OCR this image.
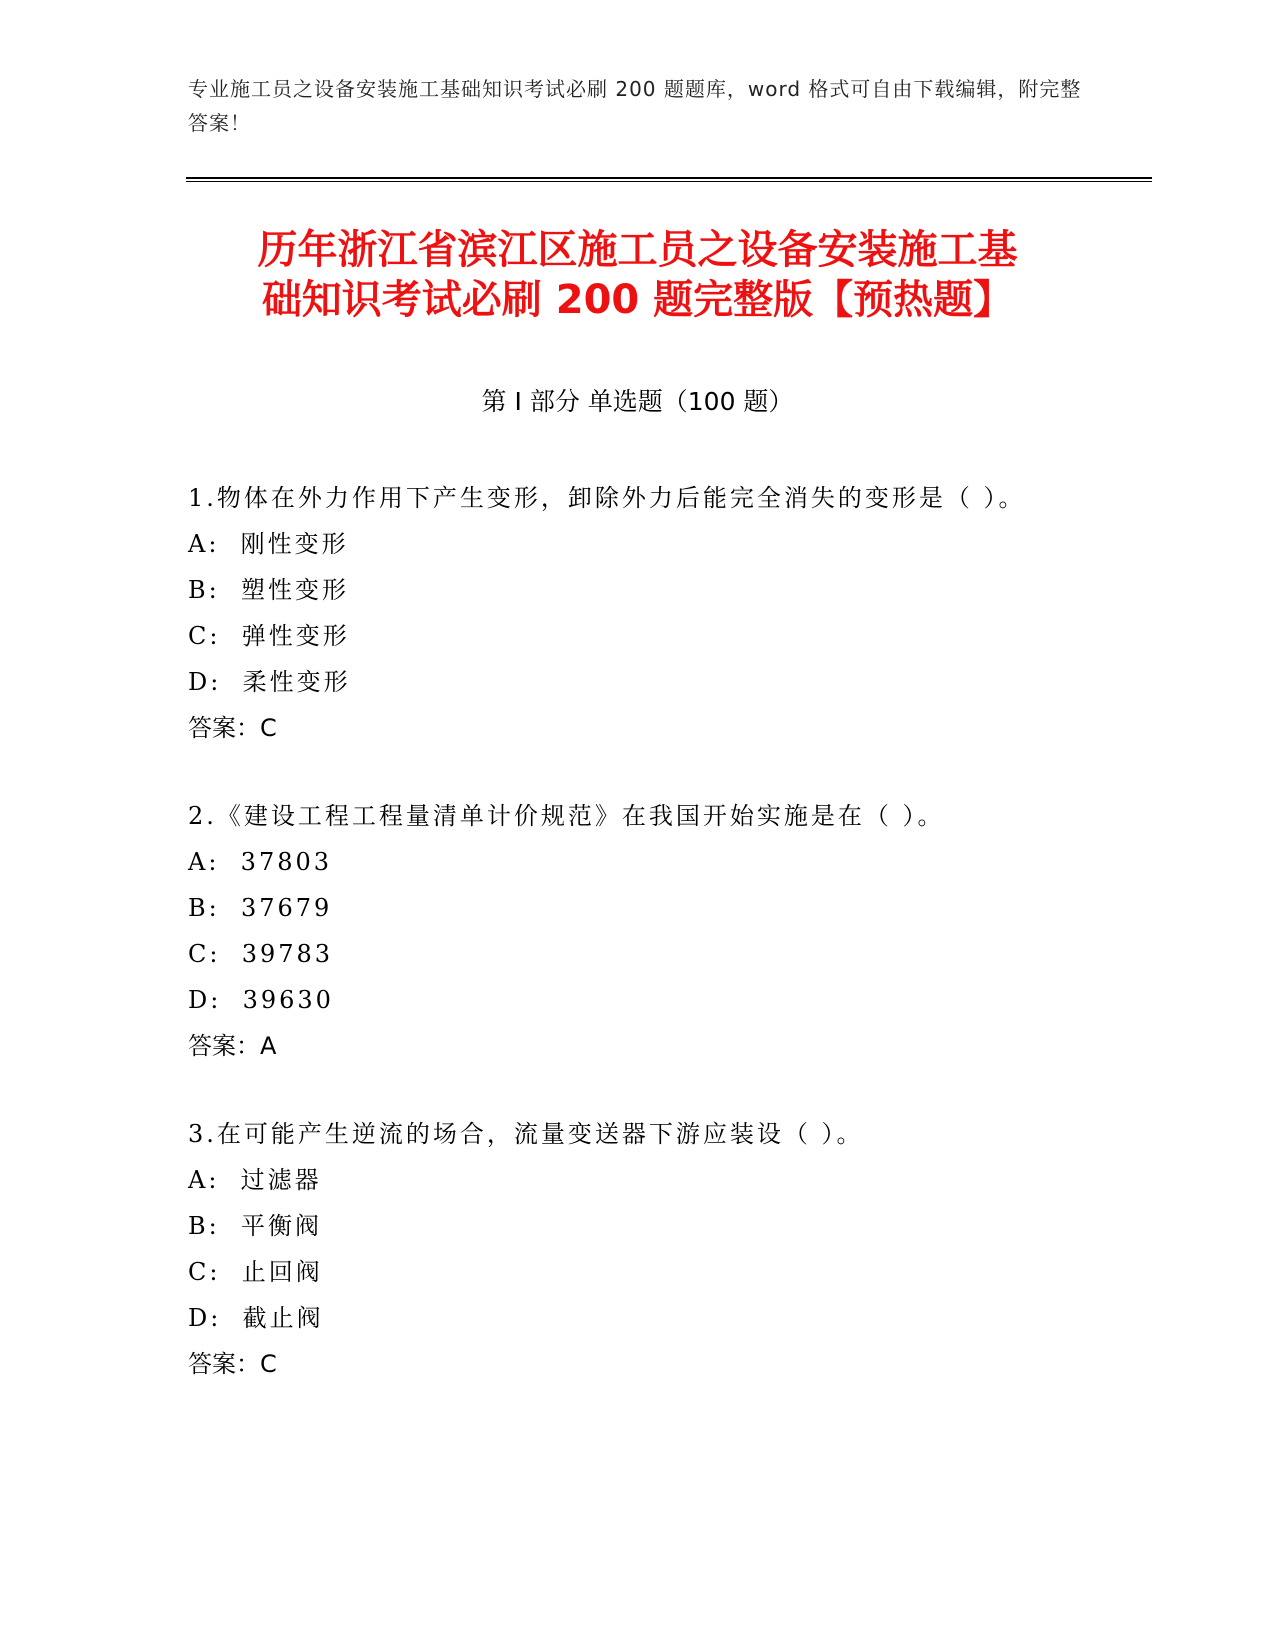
专业施工员之设备安装施工基础知识考试必刷 200 题题库，word 格式可自由下载编辑，附完整答案！
历年浙江省滨江区施工员之设备安装施工基
础知识考试必刷 200 题完整版【预热题】
第 I 部分 单选题（100 题）

1.物体在外力作用下产生变形，卸除外力后能完全消失的变形是（ ）。

A:  刚性变形

B:  塑性变形

C:  弹性变形

D:  柔性变形

答案：C

2.《建设工程工程量清单计价规范》在我国开始实施是在（ ）。

A:  37803

B:  37679

C:  39783

D:  39630

答案：A

3.在可能产生逆流的场合，流量变送器下游应装设（ ）。

A:  过滤器

B:  平衡阀

C:  止回阀

D:  截止阀

答案：C
